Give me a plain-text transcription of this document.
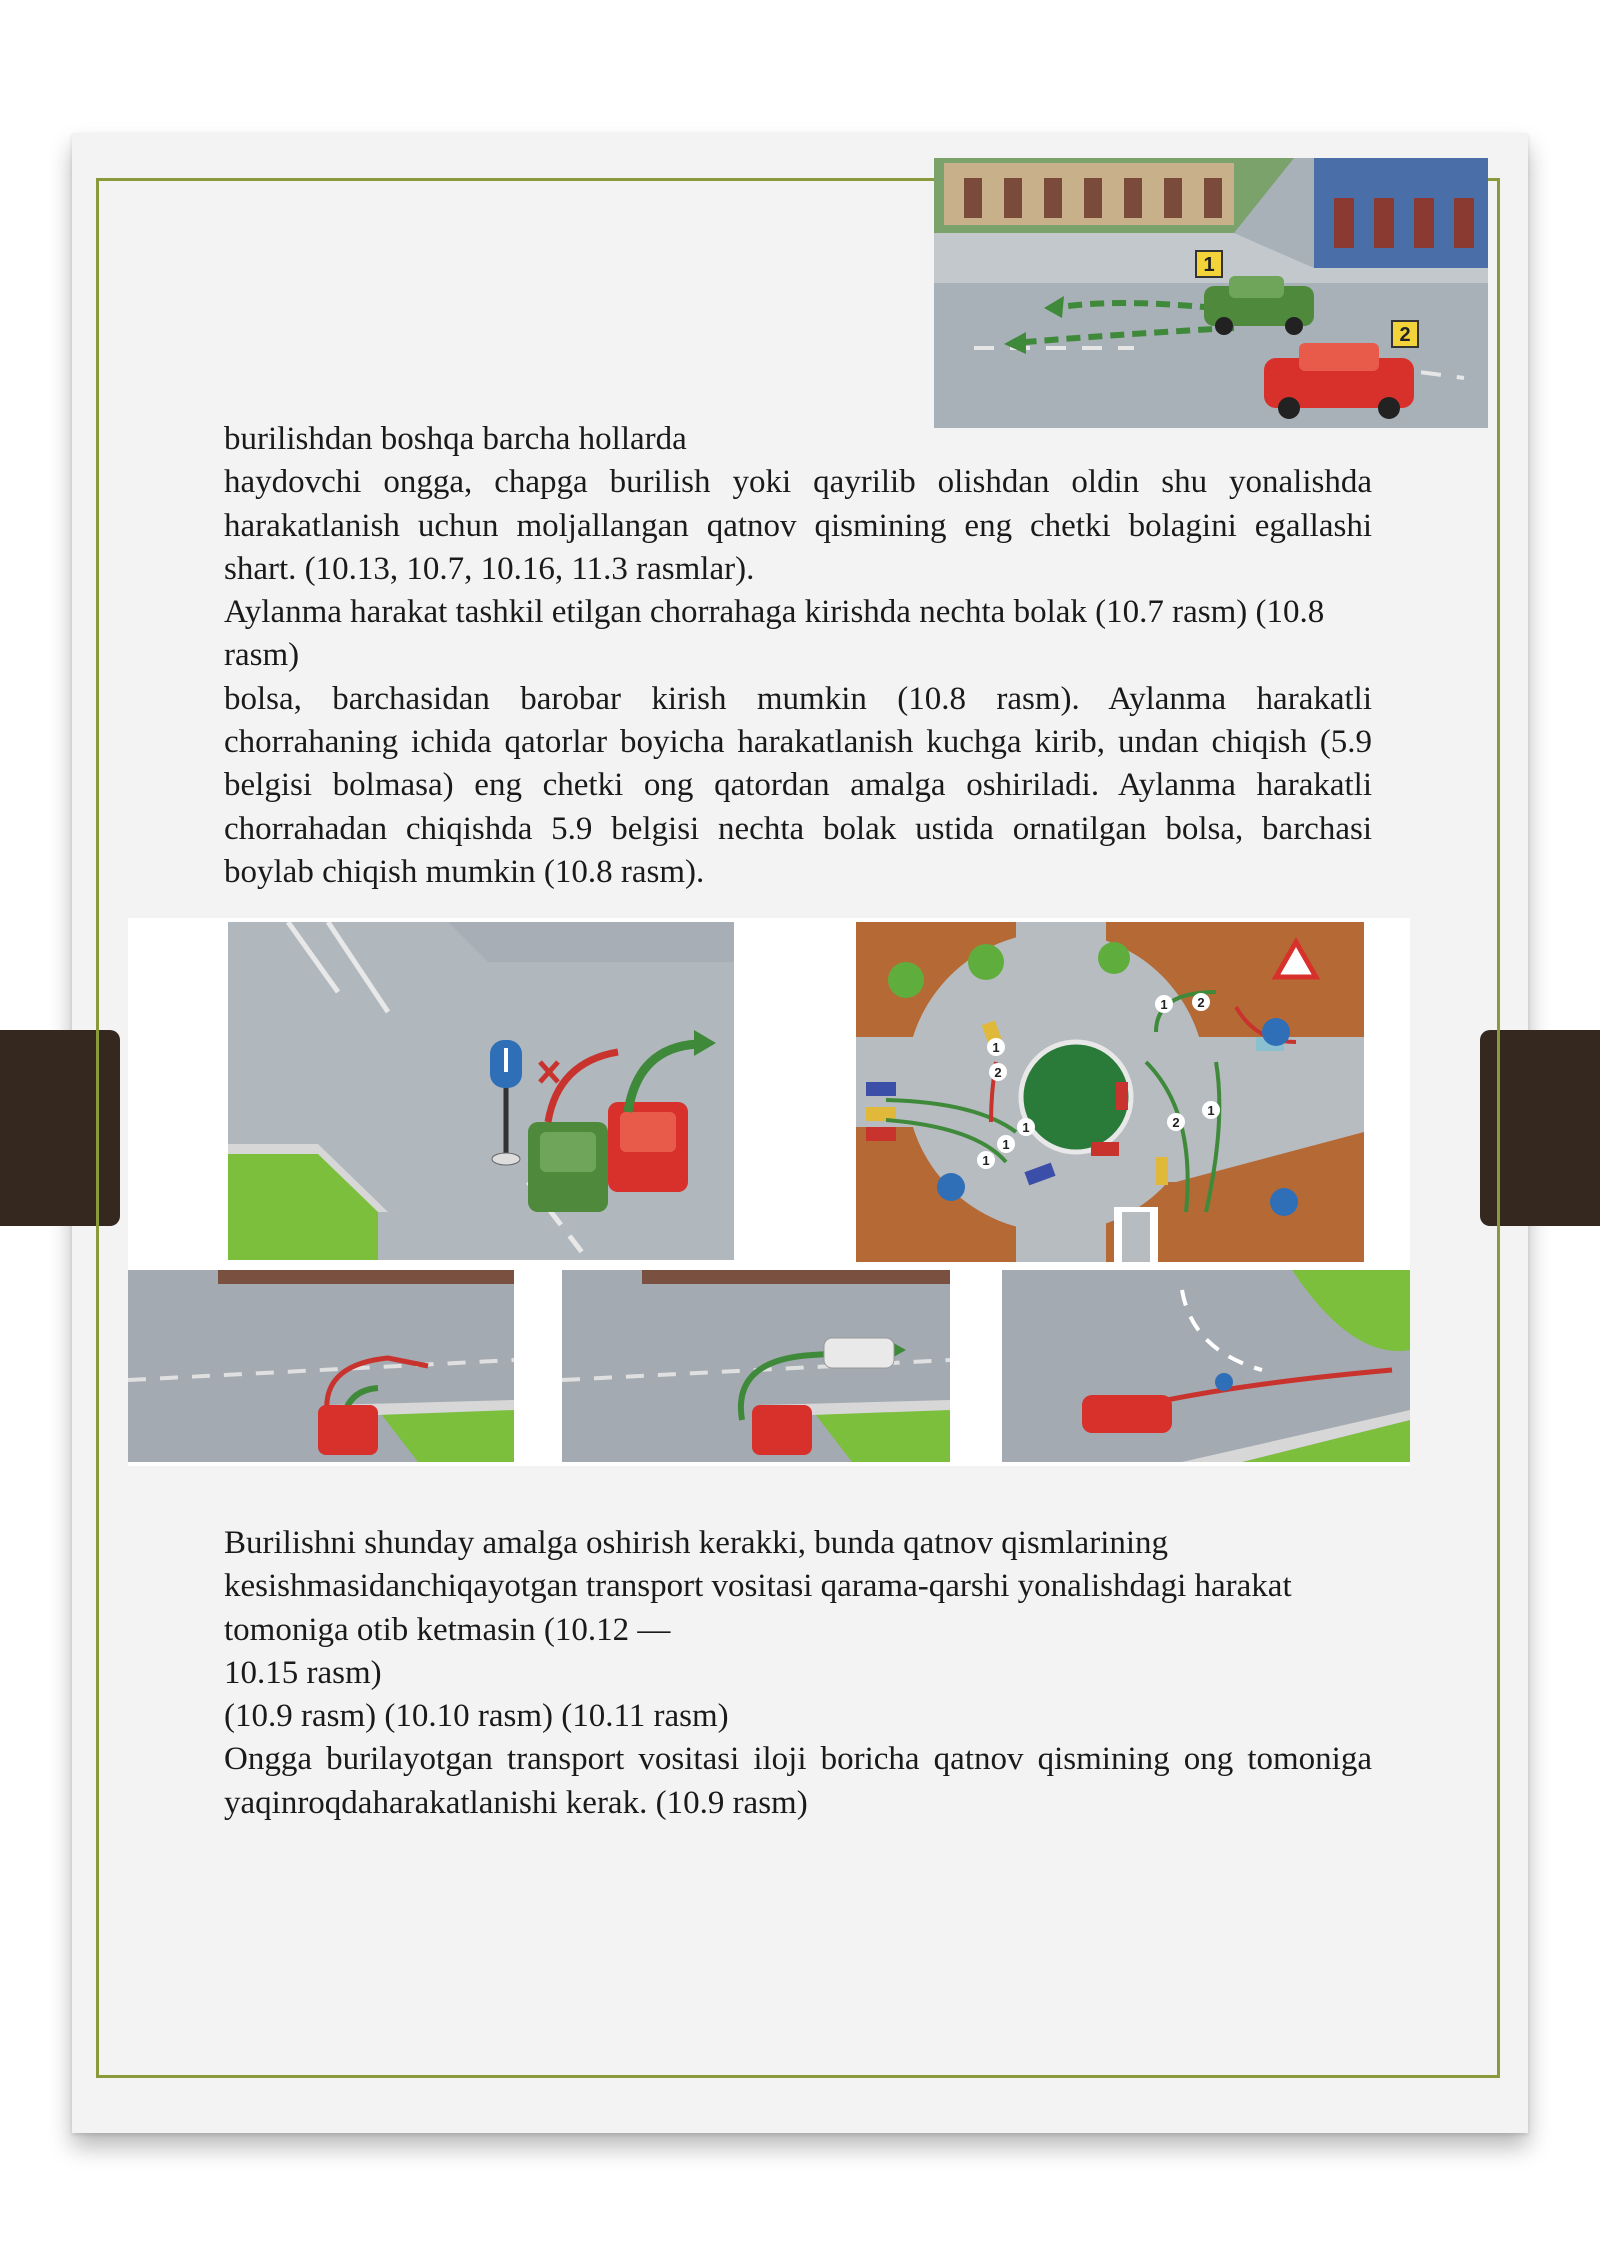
1
2

burilishdan boshqa barcha hollarda

haydovchi ongga, chapga burilish yoki qayrilib olishdan oldin shu yonalishda harakatlanish uchun moljallangan qatnov qismining eng chetki bolagini egallashi shart. (10.13, 10.7, 10.16, 11.3 rasmlar).

Aylanma harakat tashkil etilgan chorrahaga kirishda nechta bolak (10.7 rasm) (10.8 rasm)

bolsa, barchasidan barobar kirish mumkin (10.8 rasm). Aylanma harakatli chorrahaning ichida qatorlar boyicha harakatlanish kuchga kirib, undan chiqish (5.9 belgisi bolmasa) eng chetki ong qatordan amalga oshiriladi. Aylanma harakatli chorrahadan chiqishda 5.9 belgisi nechta bolak ustida ornatilgan bolsa, barchasi boylab chiqish mumkin (10.8 rasm).

1 2
1
2
1
1
1
2
1

Burilishni shunday amalga oshirish kerakki, bunda qatnov qismlarining kesishmasidanchiqayotgan transport vositasi qarama-qarshi yonalishdagi harakat tomoniga otib ketmasin (10.12 —

10.15 rasm)

(10.9 rasm) (10.10 rasm) (10.11 rasm)

Ongga burilayotgan transport vositasi iloji boricha qatnov qismining ong tomoniga yaqinroqdaharakatlanishi kerak. (10.9 rasm)
